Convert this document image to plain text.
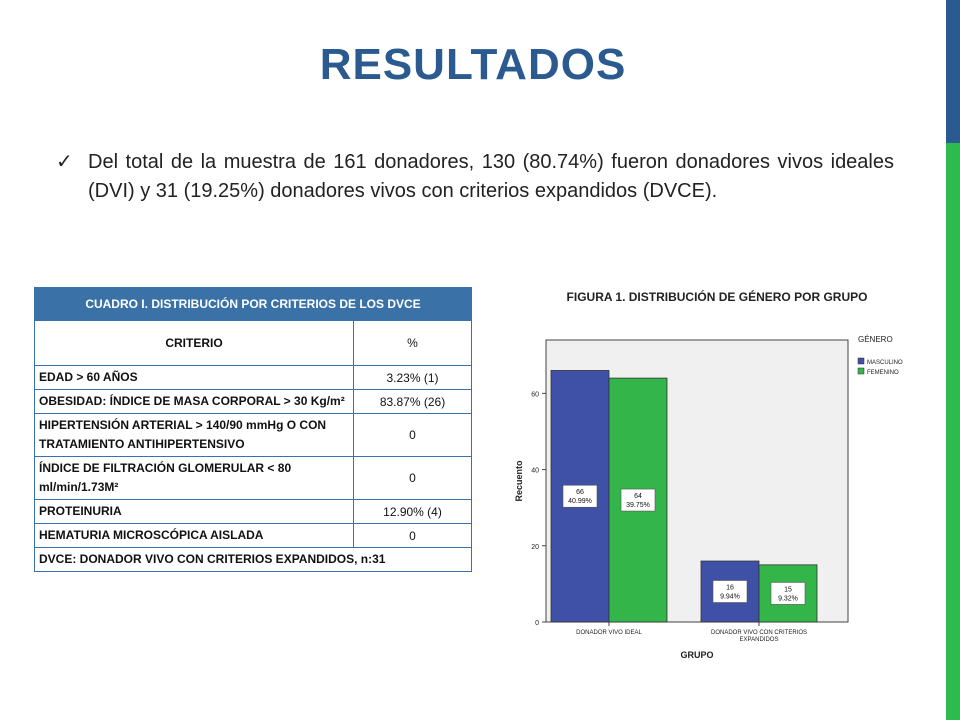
RESULTADOS
✓ Del total de la muestra de 161 donadores, 130 (80.74%) fueron donadores vivos ideales (DVI) y 31 (19.25%) donadores vivos con criterios expandidos (DVCE).
CUADRO I. DISTRIBUCIÓN POR CRITERIOS DE LOS DVCE	
CRITERIO	%
EDAD > 60 AÑOS	3.23% (1)
OBESIDAD: ÍNDICE DE MASA CORPORAL > 30 Kg/m²	83.87% (26)
HIPERTENSIÓN ARTERIAL > 140/90 mmHg O CON TRATAMIENTO ANTIHIPERTENSIVO	0
ÍNDICE DE FILTRACIÓN GLOMERULAR < 80 ml/min/1.73M²	0
PROTEINURIA	12.90% (4)
HEMATURIA MICROSCÓPICA AISLADA	0
DVCE: DONADOR VIVO CON CRITERIOS EXPANDIDOS, n:31	
FIGURA 1. DISTRIBUCIÓN DE GÉNERO POR GRUPO
0
20
40
60
Recuento	66
40.99%
64
39.75%
DONADOR VIVO IDEAL
16
9.94%
15
9.32%
DONADOR VIVO CON CRITERIOS
EXPANDIDOS
GRUPO
GÉNERO
MASCULINO
FEMENINO
